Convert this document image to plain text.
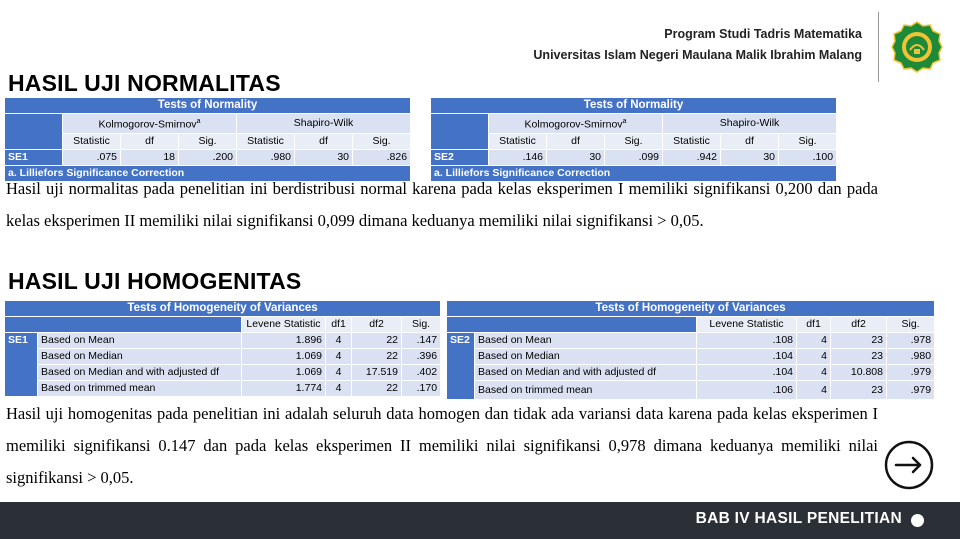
Program Studi Tadris Matematika
Universitas Islam Negeri Maulana Malik Ibrahim Malang
HASIL UJI NORMALITAS
Tests of Normality						
	Kolmogorov-Smirnov$^a$			Shapiro-Wilk		
	Statistic	df	Sig.	Statistic	df	Sig.
SE1	.075	18	.200	.980	30	.826
a. Lilliefors Significance Correction						
Tests of Normality						
	Kolmogorov-Smirnov$^a$			Shapiro-Wilk		
	Statistic	df	Sig.	Statistic	df	Sig.
SE2	.146	30	.099	.942	30	.100
a. Lilliefors Significance Correction						

Hasil uji normalitas pada penelitian ini berdistribusi normal karena pada kelas eksperimen I memiliki signifikansi 0,200 dan pada kelas eksperimen II memiliki nilai signifikansi 0,099 dimana keduanya memiliki nilai signifikansi > 0,05.

HASIL UJI HOMOGENITAS
Tests of Homogeneity of Variances					
		Levene Statistic	df1	df2	Sig.
SE1	Based on Mean	1.896	4	22	.147
	Based on Median	1.069	4	22	.396
	Based on Median and with adjusted df	1.069	4	17.519	.402
	Based on trimmed mean	1.774	4	22	.170
Tests of Homogeneity of Variances					
		Levene Statistic	df1	df2	Sig.
SE2	Based on Mean	.108	4	23	.978
	Based on Median	.104	4	23	.980
	Based on Median and with adjusted df	.104	4	10.808	.979
	Based on trimmed mean	.106	4	23	.979

Hasil uji homogenitas pada penelitian ini adalah seluruh data homogen dan tidak ada variansi data karena pada kelas eksperimen I memiliki signifikansi 0.147 dan pada kelas eksperimen II memiliki nilai signifikansi 0,978 dimana keduanya memiliki nilai signifikansi > 0,05.

BAB IV HASIL PENELITIAN
